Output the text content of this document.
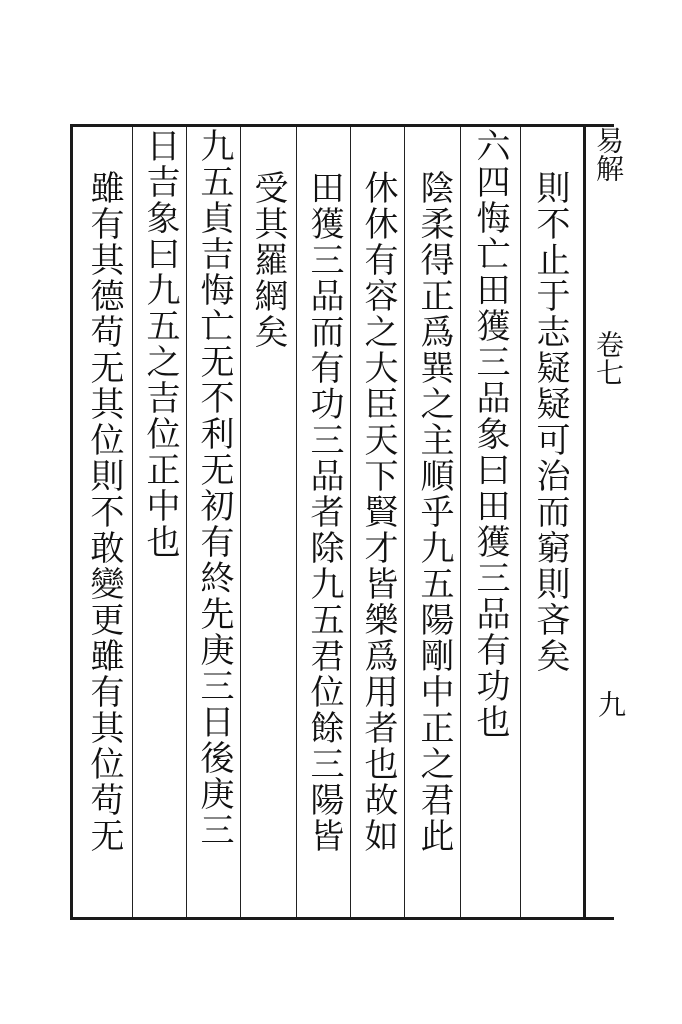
易解
卷七
九
則不止于志疑疑可治而窮則吝矣
六四悔亡田獲三品象曰田獲三品有功也
陰柔得正爲巽之主順乎九五陽剛中正之君此
休休有容之大臣天下賢才皆樂爲用者也故如
田獲三品而有功三品者除九五君位餘三陽皆
受其羅網矣
九五貞吉悔亡无不利无初有終先庚三日後庚三
日吉象曰九五之吉位正中也
雖有其德苟无其位則不敢變更雖有其位苟无
